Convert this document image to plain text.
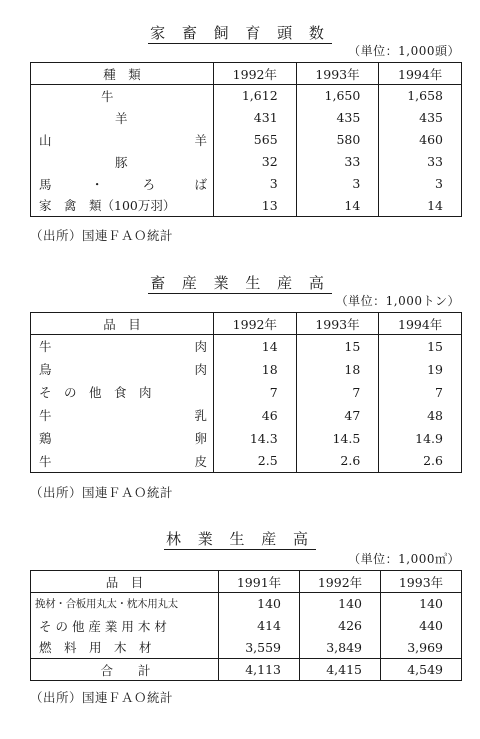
家 畜 飼 育 頭 数
（単位：1,000頭）
種　類	1992年	1993年	1994年
牛	1,612	1,650	1,658
羊	431	435	435

山 羊	565	580	460
豚	32	33	33

馬 ・ ろ ば	3	3	3
家　禽　類（100万羽）	13	14	14
（出所）国連ＦＡＯ統計
畜 産 業 生 産 高
（単位：1,000トン）
品　目	1992年	1993年	1994年

牛 肉	14	15	15

鳥 肉	18	18	19
そ　の　他　食　肉	7	7	7

牛 乳	46	47	48

鶏 卵	14.3	14.5	14.9

牛 皮	2.5	2.6	2.6
（出所）国連ＦＡＯ統計
林 業 生 産 高
（単位：1,000㎥）
品　目	1991年	1992年	1993年
挽材・合板用丸太・枕木用丸太	140	140	140
そ の 他 産 業 用 木 材	414	426	440
燃　料　用　木　材	3,559	3,849	3,969
合　　計	4,113	4,415	4,549
（出所）国連ＦＡＯ統計
